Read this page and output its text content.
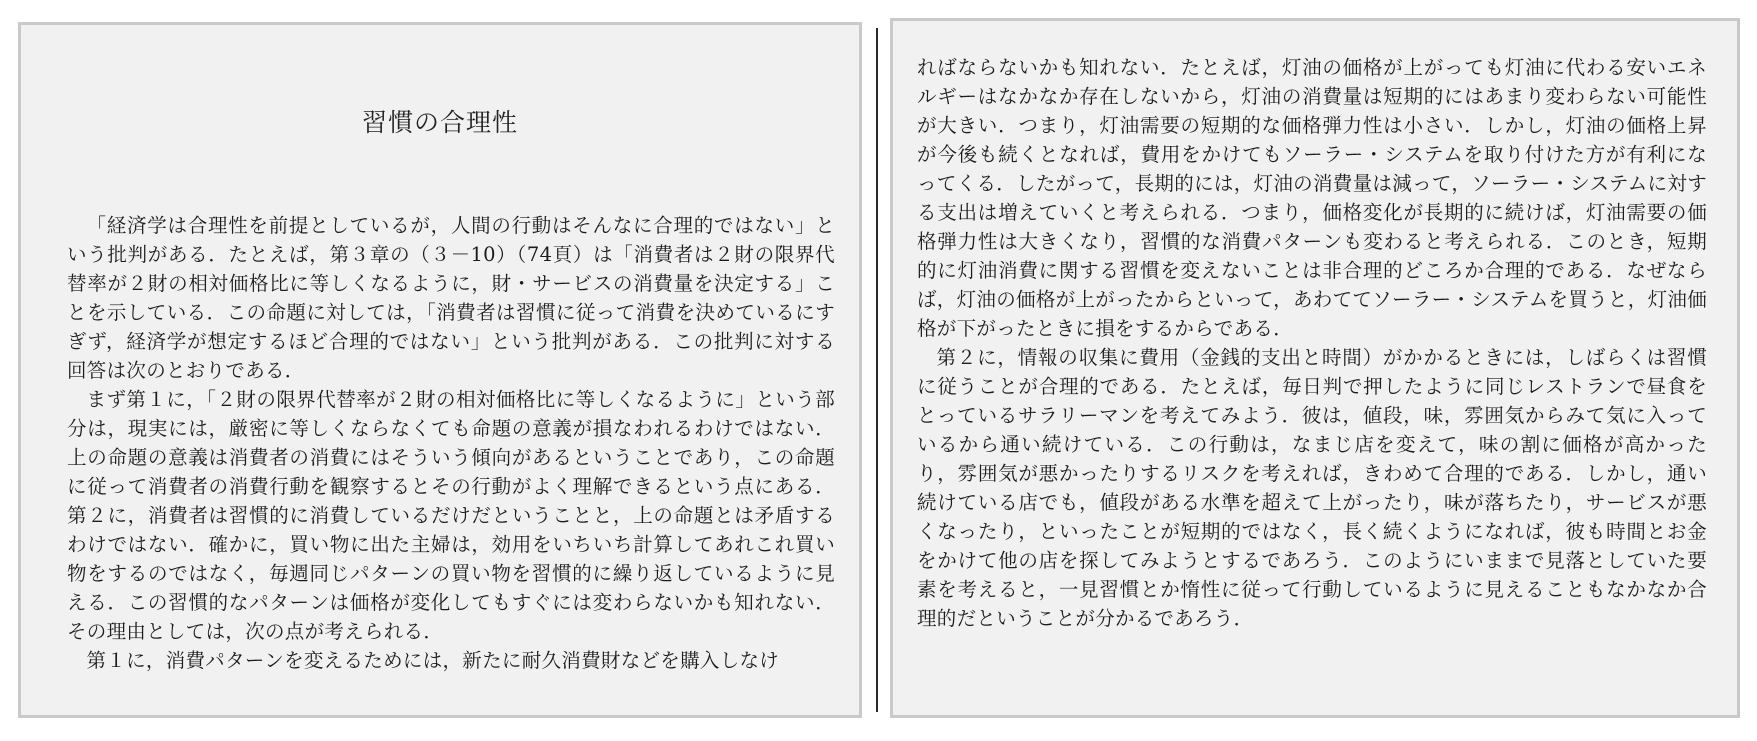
習慣の合理性

「経済学は合理性を前提としているが，人間の行動はそんなに合理的ではない」という批判がある．たとえば，第３章の（３－10）（74頁）は「消費者は２財の限界代替率が２財の相対価格比に等しくなるように，財・サービスの消費量を決定する」ことを示している．この命題に対しては，「消費者は習慣に従って消費を決めているにすぎず，経済学が想定するほど合理的ではない」という批判がある．この批判に対する回答は次のとおりである．

まず第１に，「２財の限界代替率が２財の相対価格比に等しくなるように」という部分は，現実には，厳密に等しくならなくても命題の意義が損なわれるわけではない．上の命題の意義は消費者の消費にはそういう傾向があるということであり，この命題に従って消費者の消費行動を観察するとその行動がよく理解できるという点にある．第２に，消費者は習慣的に消費しているだけだということと，上の命題とは矛盾するわけではない．確かに，買い物に出た主婦は，効用をいちいち計算してあれこれ買い物をするのではなく，毎週同じパターンの買い物を習慣的に繰り返しているように見える．この習慣的なパターンは価格が変化してもすぐには変わらないかも知れない．その理由としては，次の点が考えられる．

第１に，消費パターンを変えるためには，新たに耐久消費財などを購入しなけ

ればならないかも知れない．たとえば，灯油の価格が上がっても灯油に代わる安いエネルギーはなかなか存在しないから，灯油の消費量は短期的にはあまり変わらない可能性が大きい．つまり，灯油需要の短期的な価格弾力性は小さい．しかし，灯油の価格上昇が今後も続くとなれば，費用をかけてもソーラー・システムを取り付けた方が有利になってくる．したがって，長期的には，灯油の消費量は減って，ソーラー・システムに対する支出は増えていくと考えられる．つまり，価格変化が長期的に続けば，灯油需要の価格弾力性は大きくなり，習慣的な消費パターンも変わると考えられる．このとき，短期的に灯油消費に関する習慣を変えないことは非合理的どころか合理的である．なぜならば，灯油の価格が上がったからといって，あわててソーラー・システムを買うと，灯油価格が下がったときに損をするからである．

第２に，情報の収集に費用（金銭的支出と時間）がかかるときには，しばらくは習慣に従うことが合理的である．たとえば，毎日判で押したように同じレストランで昼食をとっているサラリーマンを考えてみよう．彼は，値段，味，雰囲気からみて気に入っているから通い続けている．この行動は，なまじ店を変えて，味の割に価格が高かったり，雰囲気が悪かったりするリスクを考えれば，きわめて合理的である．しかし，通い続けている店でも，値段がある水準を超えて上がったり，味が落ちたり，サービスが悪くなったり，といったことが短期的ではなく，長く続くようになれば，彼も時間とお金をかけて他の店を探してみようとするであろう．このようにいままで見落としていた要素を考えると，一見習慣とか惰性に従って行動しているように見えることもなかなか合理的だということが分かるであろう．
